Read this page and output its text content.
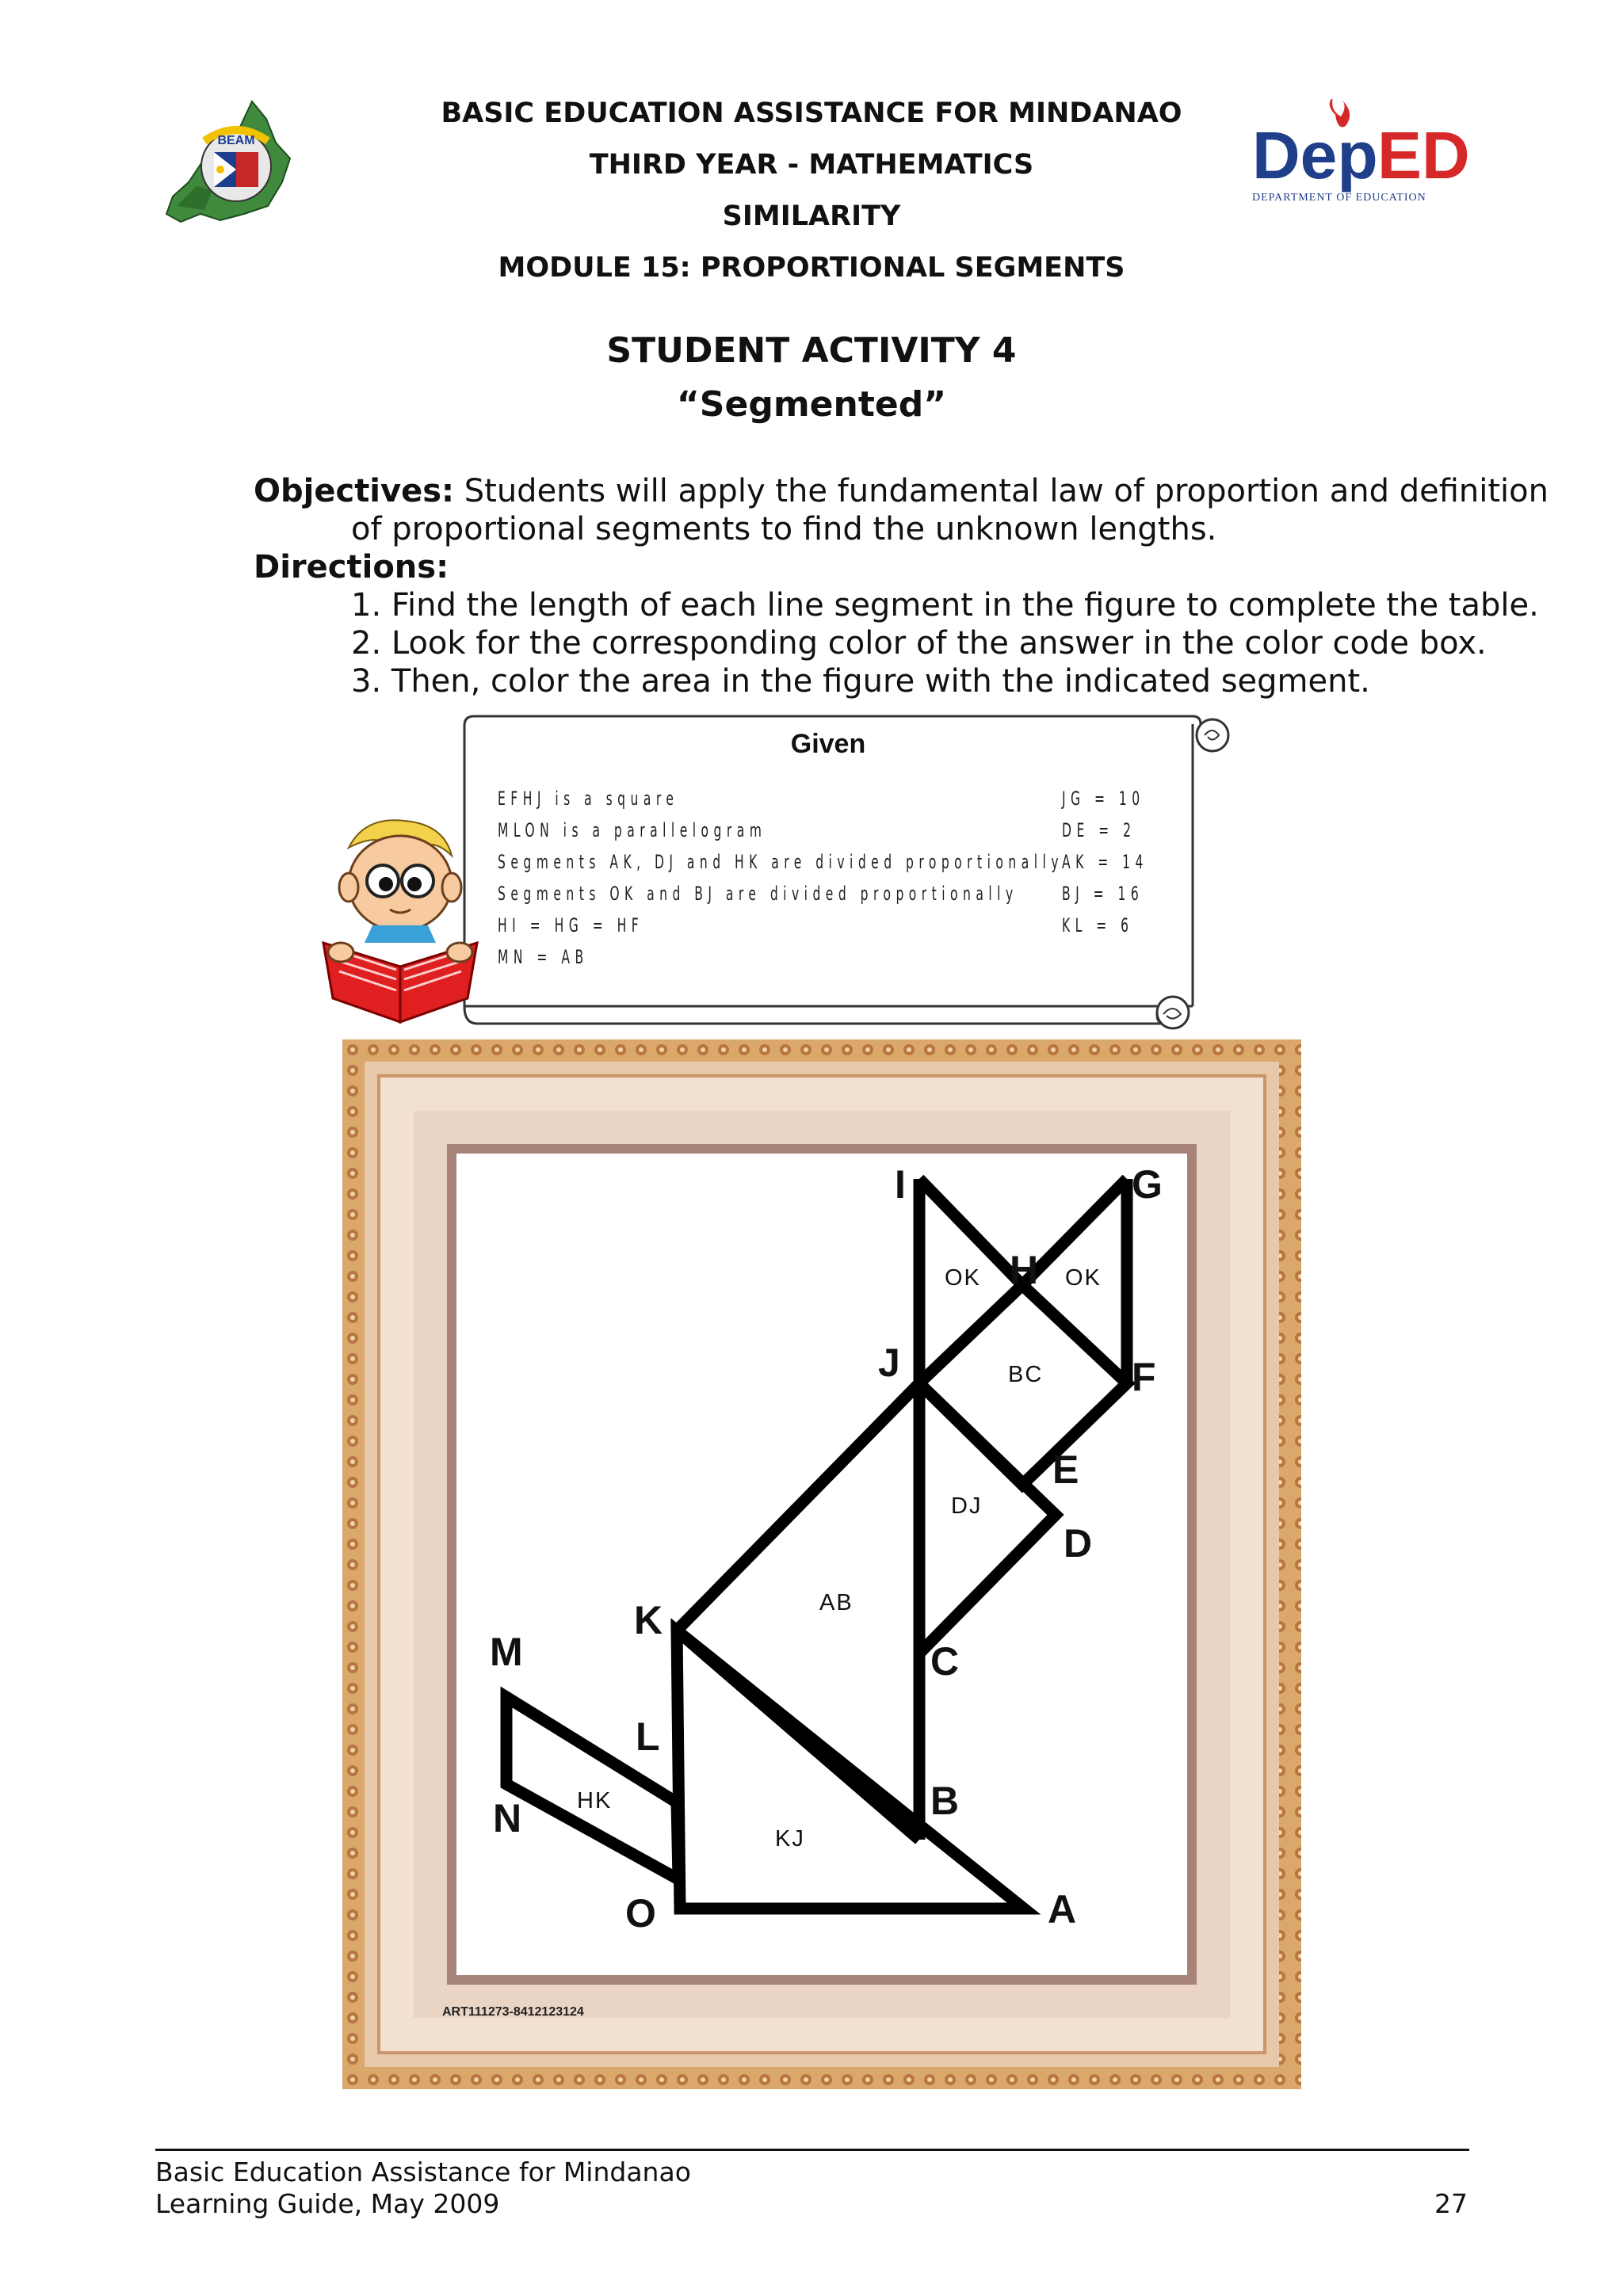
BEAM	Dep ED
DEPARTMENT OF EDUCATION
BASIC EDUCATION ASSISTANCE FOR MINDANAO
THIRD YEAR - MATHEMATICS
SIMILARITY
MODULE 15: PROPORTIONAL SEGMENTS
STUDENT ACTIVITY 4
“Segmented”
Objectives: Students will apply the fundamental law of proportion and definition
of proportional segments to find the unknown lengths.
Directions:
1. Find the length of each line segment in the figure to complete the table.
2. Look for the corresponding color of the answer in the color code box.
3. Then, color the area in the figure with the indicated segment.
Given
EFHJ is a square
MLON is a parallelogram
Segments AK, DJ and HK are divided proportionally
Segments OK and BJ are divided proportionally
HI = HG = HF
MN = AB
JG = 10
DE = 2
AK = 14
BJ = 16
KL = 6
I
H
G
J	F
E
D
K
M	C
L
N	B
O	A
OK	OK
BC
DJ
AB
HK
KJ
ART111273-8412123124
Basic Education Assistance for Mindanao
Learning Guide, May 2009	27
